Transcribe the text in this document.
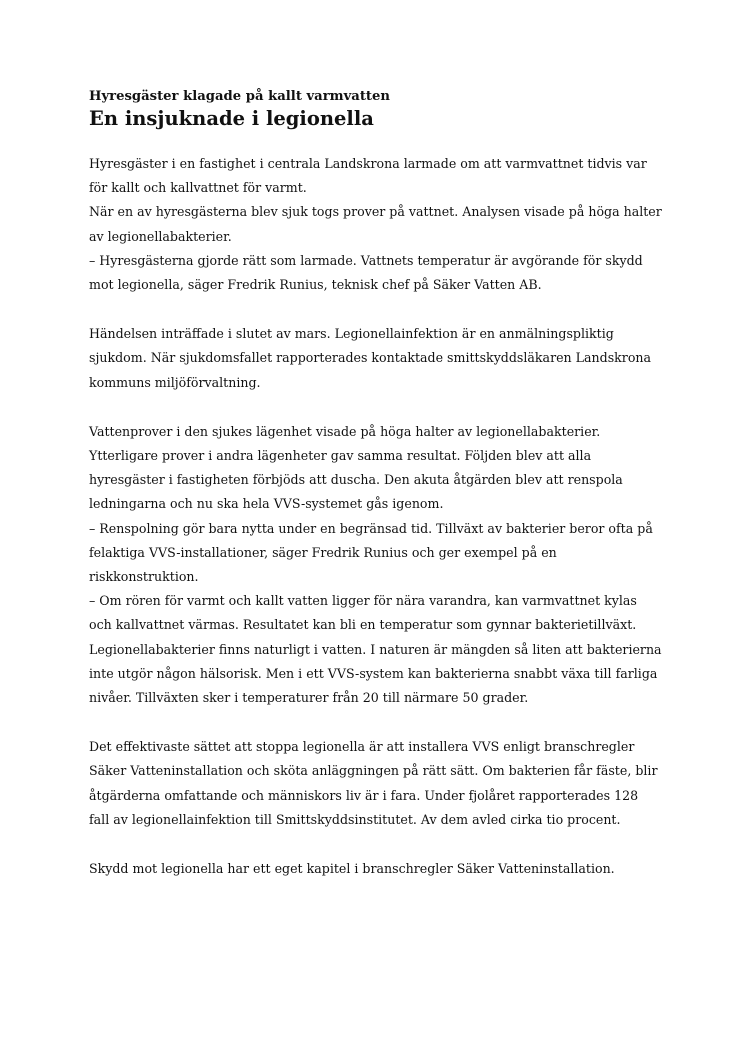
Hyresgäster klagade på kallt varmvatten
En insjuknade i legionella
Hyresgäster i en fastighet i centrala Landskrona larmade om att varmvattnet tidvis var
för kallt och kallvattnet för varmt.
När en av hyresgästerna blev sjuk togs prover på vattnet. Analysen visade på höga halter
av legionellabakterier.
– Hyresgästerna gjorde rätt som larmade. Vattnets temperatur är avgörande för skydd
mot legionella, säger Fredrik Runius, teknisk chef på Säker Vatten AB.
Händelsen inträffade i slutet av mars. Legionellainfektion är en anmälningspliktig
sjukdom. När sjukdomsfallet rapporterades kontaktade smittskyddsläkaren Landskrona
kommuns miljöförvaltning.
Vattenprover i den sjukes lägenhet visade på höga halter av legionellabakterier.
Ytterligare prover i andra lägenheter gav samma resultat. Följden blev att alla
hyresgäster i fastigheten förbjöds att duscha. Den akuta åtgärden blev att renspola
ledningarna och nu ska hela VVS-systemet gås igenom.
– Renspolning gör bara nytta under en begränsad tid. Tillväxt av bakterier beror ofta på
felaktiga VVS-installationer, säger Fredrik Runius och ger exempel på en
riskkonstruktion.
– Om rören för varmt och kallt vatten ligger för nära varandra, kan varmvattnet kylas
och kallvattnet värmas. Resultatet kan bli en temperatur som gynnar bakterietillväxt.
Legionellabakterier finns naturligt i vatten. I naturen är mängden så liten att bakterierna
inte utgör någon hälsorisk. Men i ett VVS-system kan bakterierna snabbt växa till farliga
nivåer. Tillväxten sker i temperaturer från 20 till närmare 50 grader.
Det effektivaste sättet att stoppa legionella är att installera VVS enligt branschregler
Säker Vatteninstallation och sköta anläggningen på rätt sätt. Om bakterien får fäste, blir
åtgärderna omfattande och människors liv är i fara. Under fjolåret rapporterades 128
fall av legionellainfektion till Smittskyddsinstitutet. Av dem avled cirka tio procent.
Skydd mot legionella har ett eget kapitel i branschregler Säker Vatteninstallation.
